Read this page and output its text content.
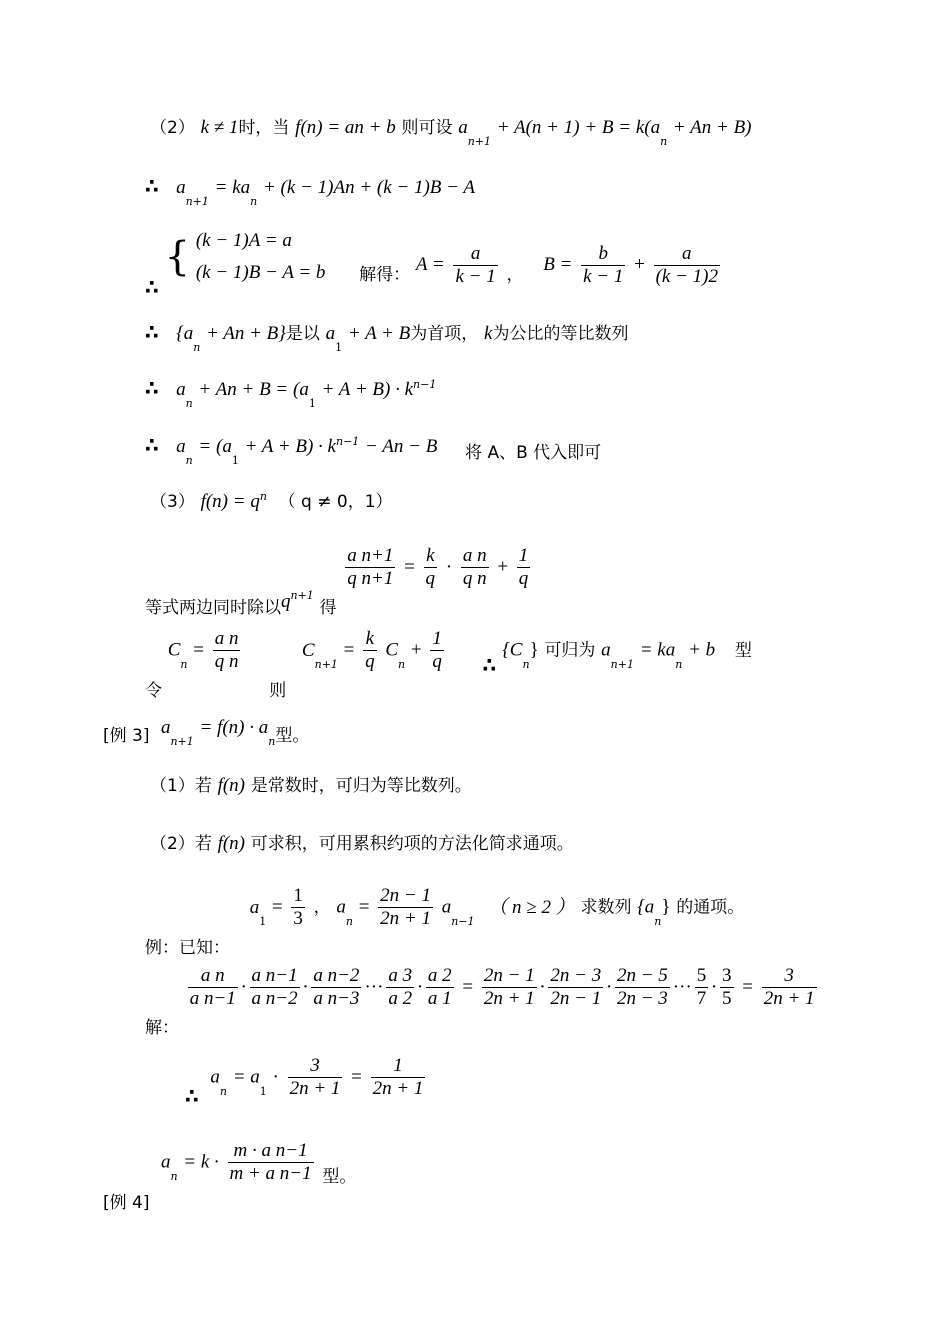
（2） k ≠ 1时，当 f(n) = an + b 则可设 $a_{n+1} + A(n + 1) + B = k(a_n + An + B)$
∴ $a_{n+1} = ka_n + (k - 1)An + (k - 1)B - A$
∴ { (k − 1)A = a
(k − 1)B − A = b 解得： $A = \frac{a}{k - 1}$ ， $B = \frac{b}{k - 1} + \frac{a}{(k - 1)2}$
∴ $\{a_n + An + B\}$是以 $a_1 + A + B$为首项， k为公比的等比数列
∴ $a_n + An + B = (a_1 + A + B) \cdot k^{n-1}$
∴ $a_n = (a_1 + A + B) \cdot k^{n-1} - An - B$ 将 A、B 代入即可
（3） $f(n) = q^n$ （ q ≠ 0，1）
等式两边同时除以$q_{n+1}$ 得
$\frac{\text{a n+1}}{\text{q n+1}} = \frac{k}{q} \cdot \frac{\text{a n}}{\text{q n}} + \frac{1}{q}$
令 $C_n = \frac{\text{a n}}{\text{q n}}$
则 $C_{n+1} = \frac{k}{q} C_n + \frac{1}{q}$ ∴ $\{C_n\}$ 可归为 $a_{n+1} = ka_n + b$ 型
[例 3] $a_{n+1} = f(n) \cdot a_n$型。
（1）若 f(n) 是常数时，可归为等比数列。
（2）若 f(n) 可求积，可用累积约项的方法化简求通项。
例：已知： $a_1 = \frac{1}{3}$ ， $a_n = \frac{2n - 1}{2n + 1} a_{n-1}$ （ n ≥ 2 ） 求数列 $\{a_n\}$ 的通项。
解：
$\frac{\text{a n}}{\text{a n−1}} \cdot \frac{\text{a n−1}}{\text{a n−2}} \cdot \frac{\text{a n−2}}{\text{a n−3}}$ ··· $\frac{a 3}{a 2} \cdot \frac{a 2}{a 1} = \frac{2n - 1}{2n + 1} \cdot \frac{2n - 3}{2n - 1} \cdot \frac{2n - 5}{2n - 3}$ ··· $\frac{5}{7} \cdot \frac{3}{5} = \frac{3}{2n + 1}$
∴  $a_n = a_1 \cdot \frac{3}{2n + 1} = \frac{1}{2n + 1}$
[例 4]  $a_n = k \cdot \frac{\text{m · a n−1}}{\text{m + a n−1}}$ 型。
